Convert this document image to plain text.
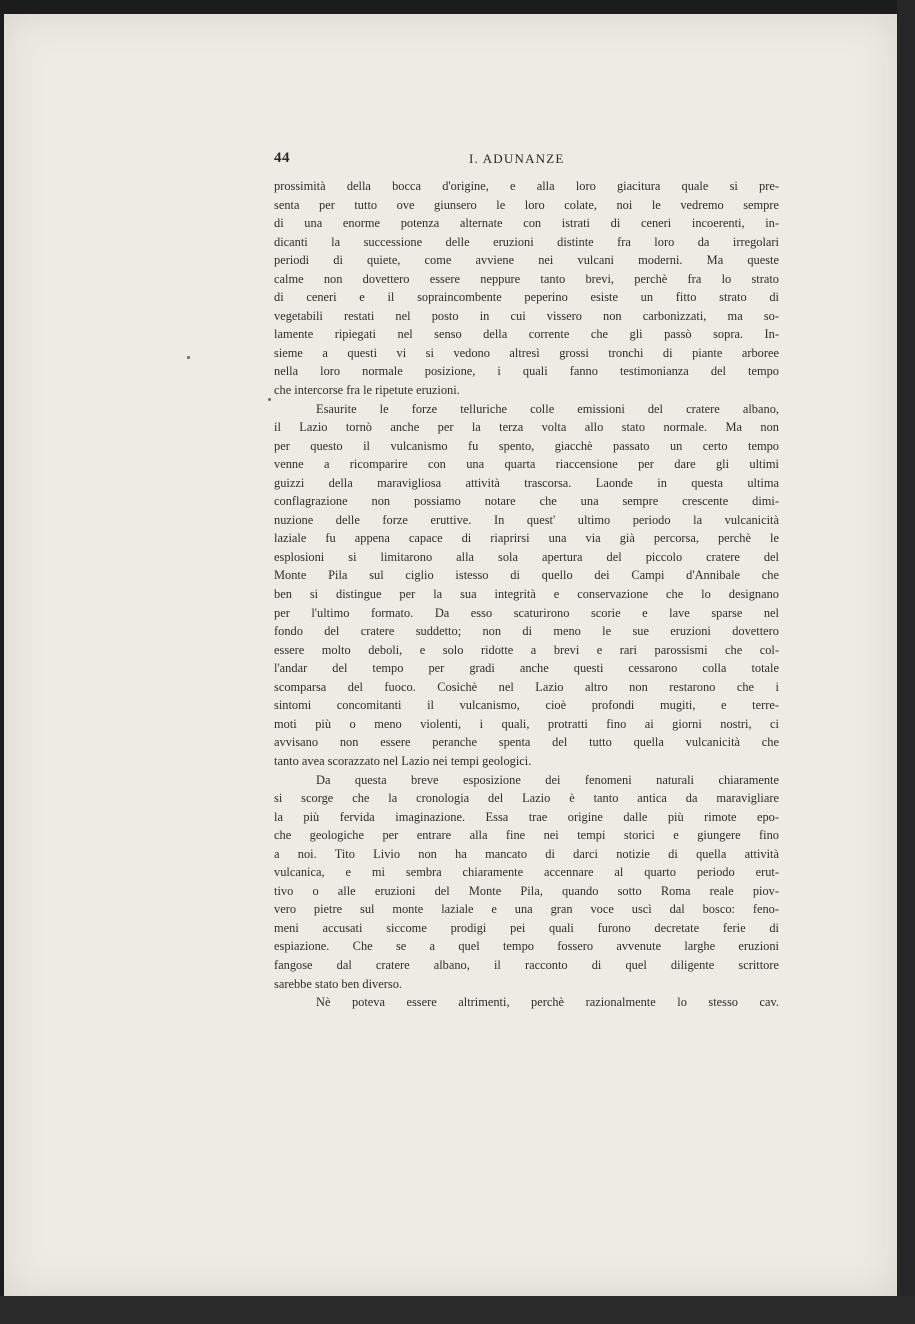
44	I. ADUNANZE
prossimità della bocca d'origine, e alla loro giacitura quale si pre-
senta per tutto ove giunsero le loro colate, noi le vedremo sempre
di una enorme potenza alternate con istrati di ceneri incoerenti, in-
dicanti la successione delle eruzioni distinte fra loro da irregolari
periodi di quiete, come avviene nei vulcani moderni. Ma queste
calme non dovettero essere neppure tanto brevi, perchè fra lo strato
di ceneri e il sopraincombente peperino esiste un fitto strato di
vegetabili restati nel posto in cui vissero non carbonizzati, ma so-
lamente ripiegati nel senso della corrente che gli passò sopra. In-
sieme a questi vi si vedono altresì grossi tronchi di piante arboree
nella loro normale posizione, i quali fanno testimonianza del tempo
che intercorse fra le ripetute eruzioni.
Esaurite le forze telluriche colle emissioni del cratere albano,
il Lazio tornò anche per la terza volta allo stato normale. Ma non
per questo il vulcanismo fu spento, giacchè passato un certo tempo
venne a ricomparire con una quarta riaccensione per dare gli ultimi
guizzi della maravigliosa attività trascorsa. Laonde in questa ultima
conflagrazione non possiamo notare che una sempre crescente dimi-
nuzione delle forze eruttive. In quest' ultimo periodo la vulcanicità
laziale fu appena capace di riaprirsi una via già percorsa, perchè le
esplosioni si limitarono alla sola apertura del piccolo cratere del
Monte Pila sul ciglio istesso di quello dei Campi d'Annibale che
ben si distingue per la sua integrità e conservazione che lo designano
per l'ultimo formato. Da esso scaturirono scorie e lave sparse nel
fondo del cratere suddetto; non di meno le sue eruzioni dovettero
essere molto deboli, e solo ridotte a brevi e rari parossismi che col-
l'andar del tempo per gradi anche questi cessarono colla totale
scomparsa del fuoco. Cosichè nel Lazio altro non restarono che i
sintomi concomitanti il vulcanismo, cioè profondi mugiti, e terre-
moti più o meno violenti, i quali, protratti fino ai giorni nostri, ci
avvisano non essere peranche spenta del tutto quella vulcanicità che
tanto avea scorazzato nel Lazio nei tempi geologici.
Da questa breve esposizione dei fenomeni naturali chiaramente
si scorge che la cronologia del Lazio è tanto antica da maravigliare
la più fervida imaginazione. Essa trae origine dalle più rimote epo-
che geologiche per entrare alla fine nei tempi storici e giungere fino
a noi. Tito Livio non ha mancato di darci notizie di quella attività
vulcanica, e mi sembra chiaramente accennare al quarto periodo erut-
tivo o alle eruzioni del Monte Pila, quando sotto Roma reale piov-
vero pietre sul monte laziale e una gran voce uscì dal bosco: feno-
meni accusati siccome prodigi pei quali furono decretate ferie di
espiazione. Che se a quel tempo fossero avvenute larghe eruzioni
fangose dal cratere albano, il racconto di quel diligente scrittore
sarebbe stato ben diverso.
Nè poteva essere altrimenti, perchè razionalmente lo stesso cav.
